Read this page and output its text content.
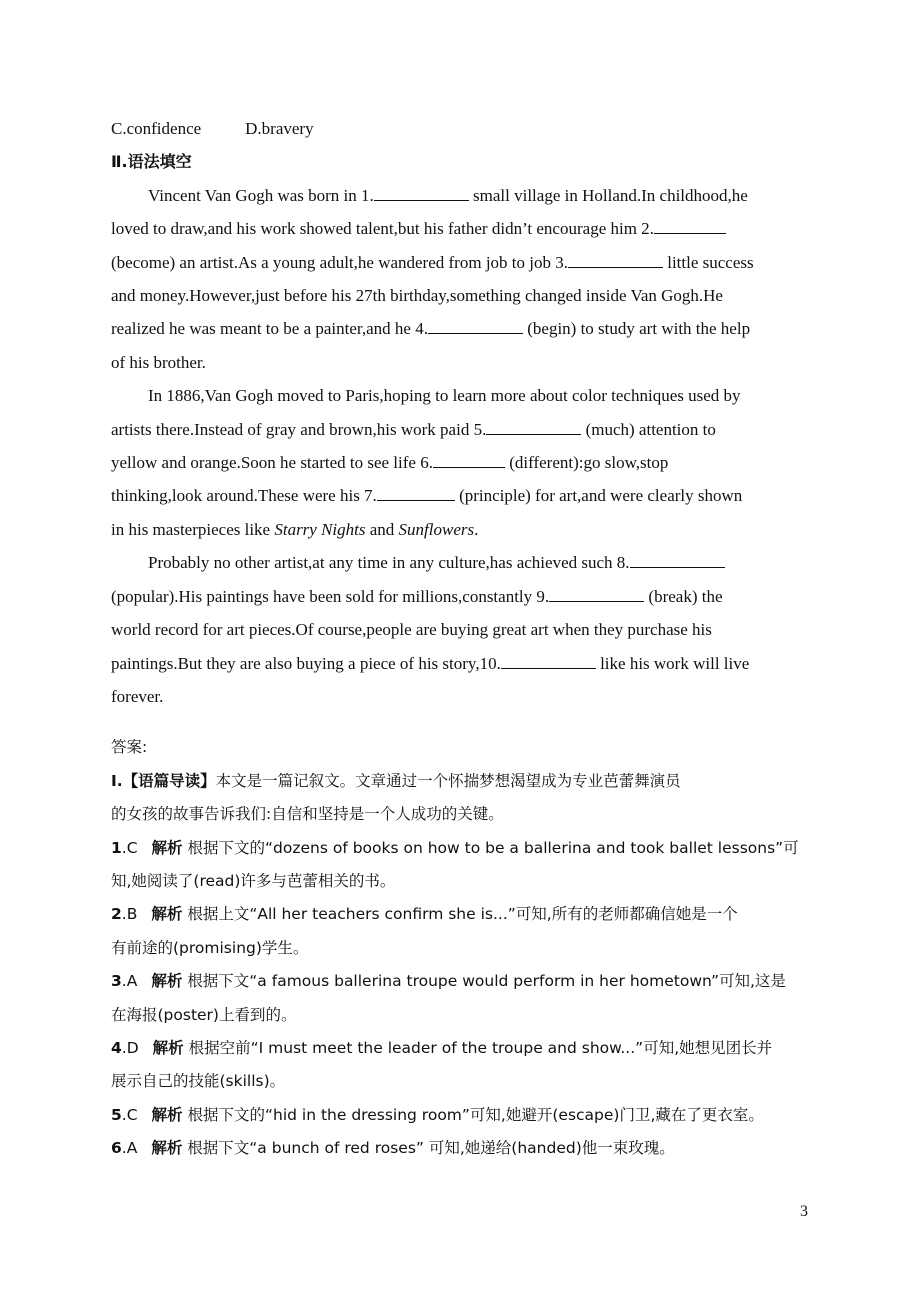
C.confidence	D.bravery
Ⅱ.语法填空
Vincent Van Gogh was born in 1.	small village in Holland.In childhood,he
loved to draw,and his work showed talent,but his father didn’t encourage him 2.
(become) an artist.As a young adult,he wandered from job to job 3.	little success
and money.However,just before his 27th birthday,something changed inside Van Gogh.He
realized he was meant to be a painter,and he 4.	(begin) to study art with the help
of his brother.
In 1886,Van Gogh moved to Paris,hoping to learn more about color techniques used by
artists there.Instead of gray and brown,his work paid 5.	(much) attention to
yellow and orange.Soon he started to see life 6.	(different):go slow,stop
thinking,look around.These were his 7.	(principle) for art,and were clearly shown
in his masterpieces like Starry Nights and Sunflowers.
Probably no other artist,at any time in any culture,has achieved such 8.
(popular).His paintings have been sold for millions,constantly 9.	(break) the
world record for art pieces.Of course,people are buying great art when they purchase his
paintings.But they are also buying a piece of his story,10.	like his work will live
forever.
答案:
Ⅰ.【语篇导读】本文是一篇记叙文。文章通过一个怀揣梦想渴望成为专业芭蕾舞演员
的女孩的故事告诉我们:自信和坚持是一个人成功的关键。
1.C 解析 根据下文的“dozens of books on how to be a ballerina and took ballet lessons”可
知,她阅读了(read)许多与芭蕾相关的书。
2.B 解析 根据上文“All her teachers confirm she is...”可知,所有的老师都确信她是一个
有前途的(promising)学生。
3.A 解析 根据下文“a famous ballerina troupe would perform in her hometown”可知,这是
在海报(poster)上看到的。
4.D 解析 根据空前“I must meet the leader of the troupe and show...”可知,她想见团长并
展示自己的技能(skills)。
5.C 解析 根据下文的“hid in the dressing room”可知,她避开(escape)门卫,藏在了更衣室。
6.A 解析 根据下文“a bunch of red roses” 可知,她递给(handed)他一束玫瑰。
3
